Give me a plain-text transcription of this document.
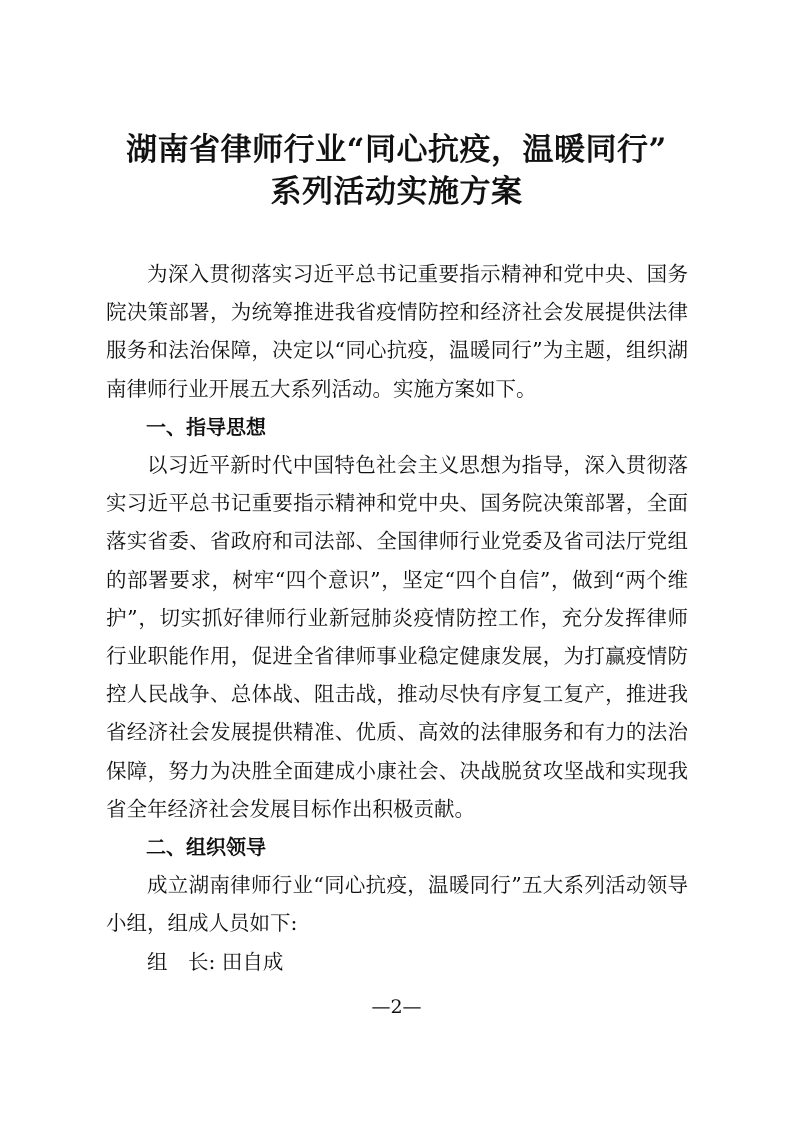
湖南省律师行业“同心抗疫，温暖同行”
系列活动实施方案

为深入贯彻落实习近平总书记重要指示精神和党中央、国务院决策部署，为统筹推进我省疫情防控和经济社会发展提供法律服务和法治保障，决定以“同心抗疫，温暖同行”为主题，组织湖南律师行业开展五大系列活动。实施方案如下。

一、指导思想

以习近平新时代中国特色社会主义思想为指导，深入贯彻落实习近平总书记重要指示精神和党中央、国务院决策部署，全面落实省委、省政府和司法部、全国律师行业党委及省司法厅党组的部署要求，树牢“四个意识”，坚定“四个自信”，做到“两个维护”，切实抓好律师行业新冠肺炎疫情防控工作，充分发挥律师行业职能作用，促进全省律师事业稳定健康发展，为打赢疫情防控人民战争、总体战、阻击战，推动尽快有序复工复产，推进我省经济社会发展提供精准、优质、高效的法律服务和有力的法治保障，努力为决胜全面建成小康社会、决战脱贫攻坚战和实现我省全年经济社会发展目标作出积极贡献。

二、组织领导

成立湖南律师行业“同心抗疫，温暖同行”五大系列活动领导小组，组成人员如下:

组　长: 田自成

—2—
